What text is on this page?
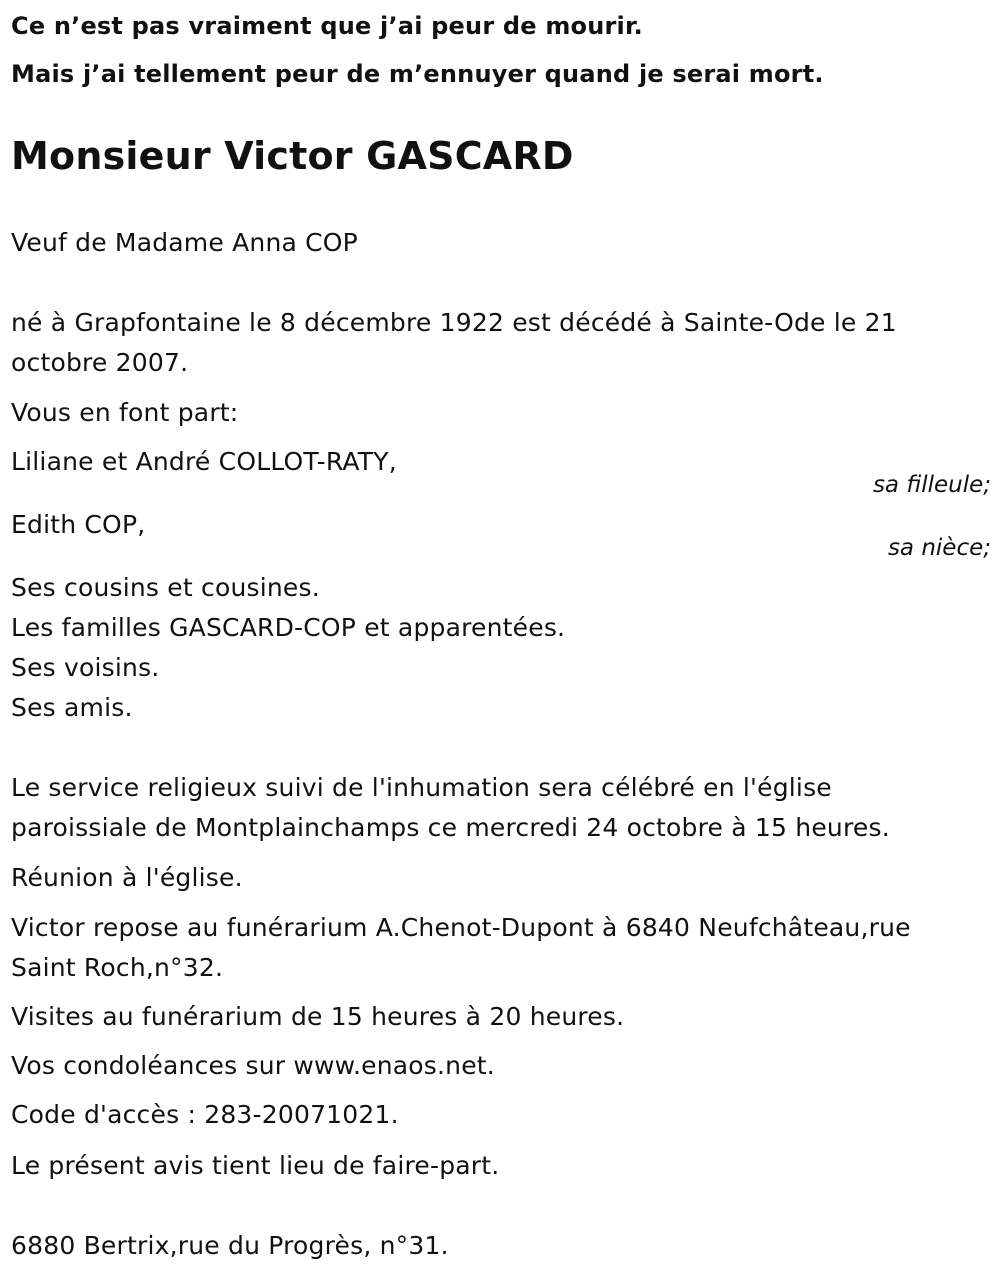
Ce n’est pas vraiment que j’ai peur de mourir.
Mais j’ai tellement peur de m’ennuyer quand je serai mort.
Monsieur Victor GASCARD
Veuf de Madame Anna COP
né à Grapfontaine le 8 décembre 1922 est décédé à Sainte-Ode le 21
octobre 2007.
Vous en font part:
Liliane et André COLLOT-RATY,
sa filleule;
Edith COP,
sa nièce;
Ses cousins et cousines.
Les familles GASCARD-COP et apparentées.
Ses voisins.
Ses amis.
Le service religieux suivi de l'inhumation sera célébré en l'église
paroissiale de Montplainchamps ce mercredi 24 octobre à 15 heures.
Réunion à l'église.
Victor repose au funérarium A.Chenot-Dupont à 6840 Neufchâteau,rue
Saint Roch,n°32.
Visites au funérarium de 15 heures à 20 heures.
Vos condoléances sur www.enaos.net.
Code d'accès : 283-20071021.
Le présent avis tient lieu de faire-part.
6880 Bertrix,rue du Progrès, n°31.
